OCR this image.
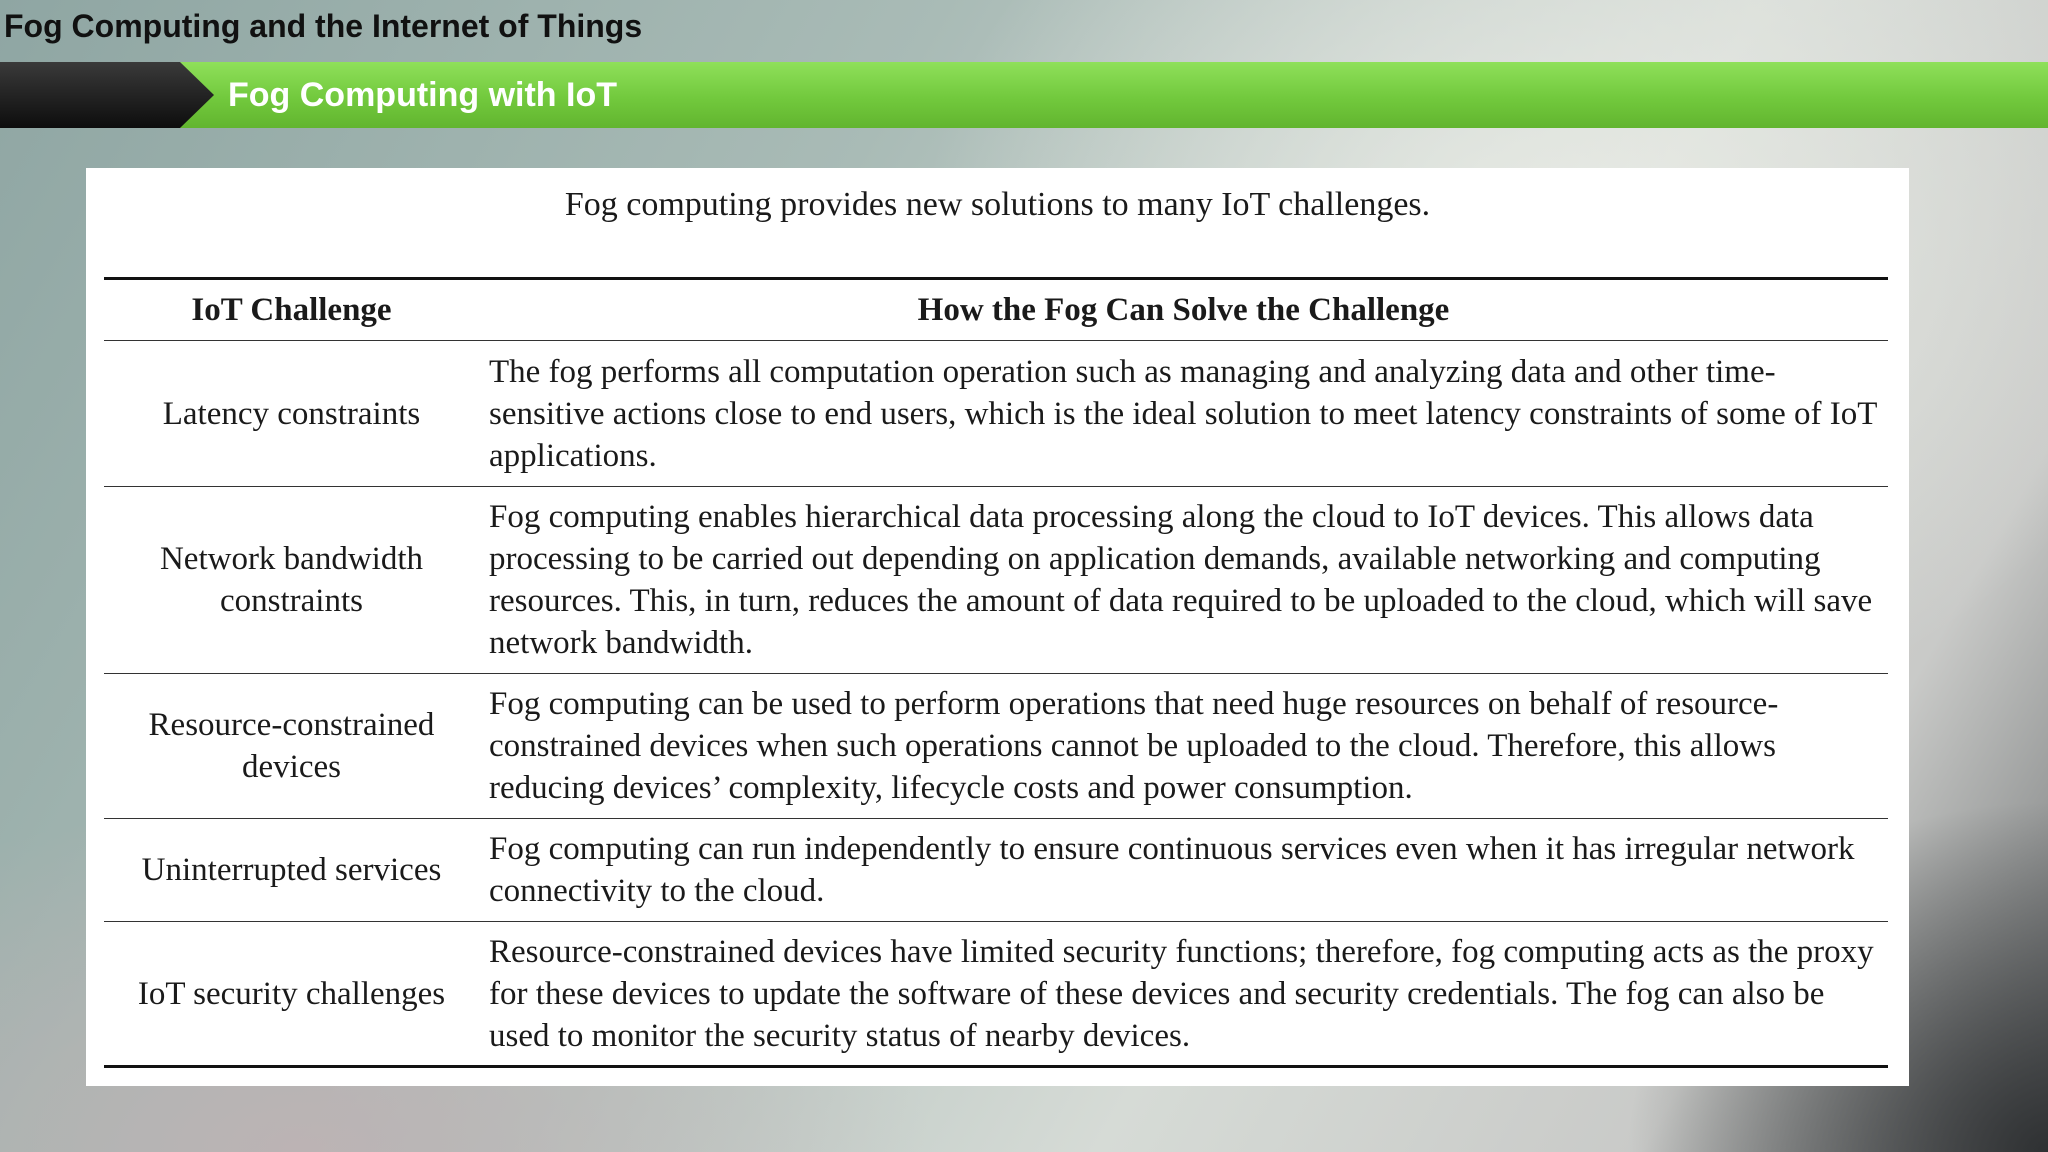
Fog Computing and the Internet of Things
Fog Computing with IoT
Fog computing provides new solutions to many IoT challenges.
IoT Challenge	How the Fog Can Solve the Challenge
Latency constraints	The fog performs all computation operation such as managing and analyzing data and other time-sensitive actions close to end users, which is the ideal solution to meet latency constraints of some of IoT applications.
Network bandwidth constraints	Fog computing enables hierarchical data processing along the cloud to IoT devices. This allows data processing to be carried out depending on application demands, available networking and computing resources. This, in turn, reduces the amount of data required to be uploaded to the cloud, which will save network bandwidth.
Resource-constrained devices	Fog computing can be used to perform operations that need huge resources on behalf of resource-constrained devices when such operations cannot be uploaded to the cloud. Therefore, this allows reducing devices’ complexity, lifecycle costs and power consumption.
Uninterrupted services	Fog computing can run independently to ensure continuous services even when it has irregular network connectivity to the cloud.
IoT security challenges	Resource-constrained devices have limited security functions; therefore, fog computing acts as the proxy for these devices to update the software of these devices and security credentials. The fog can also be used to monitor the security status of nearby devices.
